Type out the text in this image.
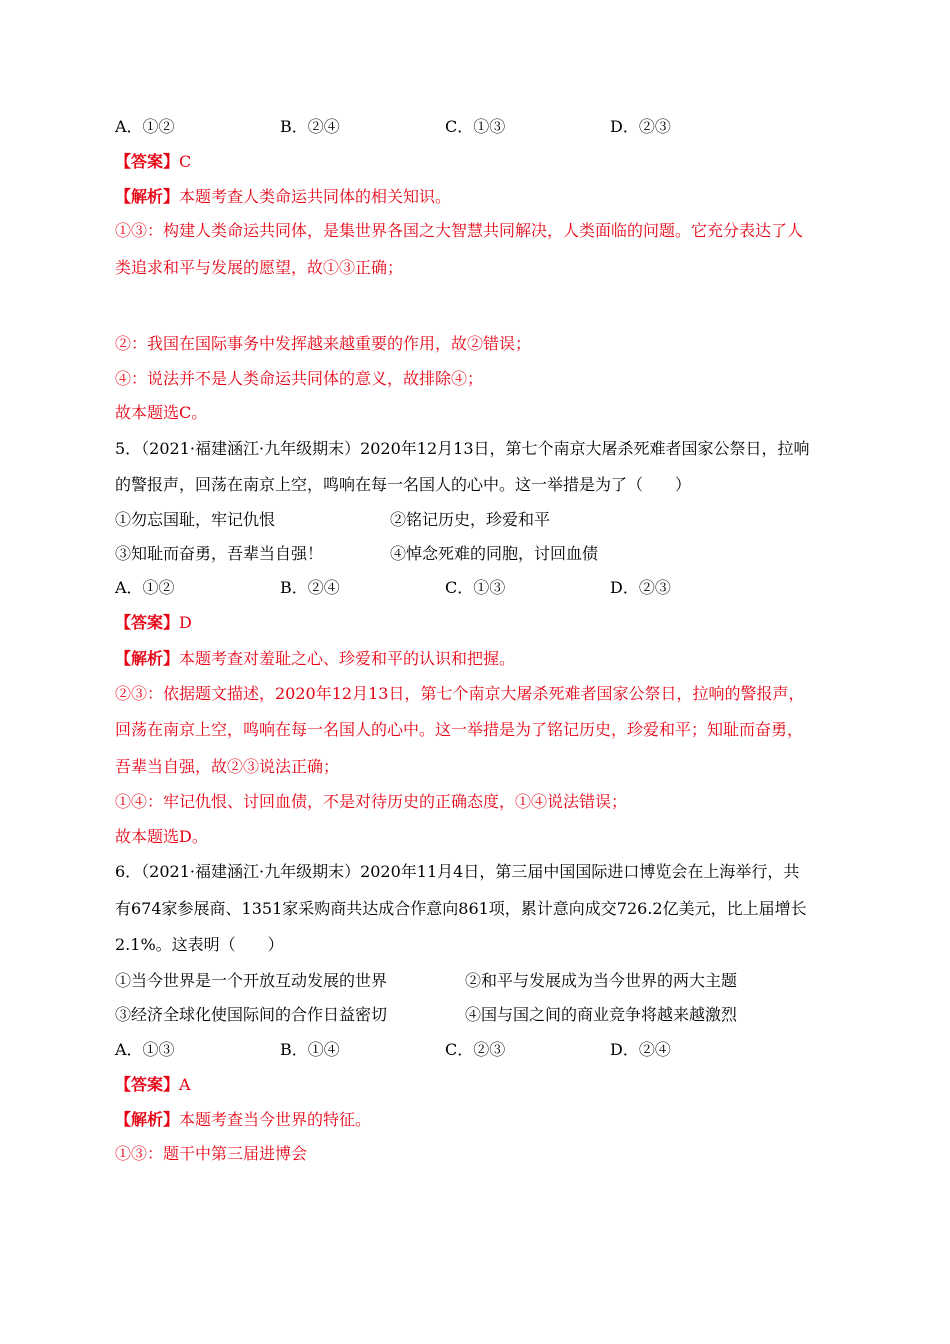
A．①②	B．②④	C．①③	D．②③
【答案】C
【解析】本题考查人类命运共同体的相关知识。
①③：构建人类命运共同体，是集世界各国之大智慧共同解决，人类面临的问题。它充分表达了人
类追求和平与发展的愿望，故①③正确；
②：我国在国际事务中发挥越来越重要的作用，故②错误；
④：说法并不是人类命运共同体的意义，故排除④；
故本题选C。
5．（2021·福建涵江·九年级期末）2020年12月13日，第七个南京大屠杀死难者国家公祭日，拉响
的警报声，回荡在南京上空，鸣响在每一名国人的心中。这一举措是为了（　　）
①勿忘国耻，牢记仇恨	②铭记历史，珍爱和平
③知耻而奋勇，吾辈当自强！	④悼念死难的同胞，讨回血债
A．①②	B．②④	C．①③	D．②③
【答案】D
【解析】本题考查对羞耻之心、珍爱和平的认识和把握。
②③：依据题文描述，2020年12月13日，第七个南京大屠杀死难者国家公祭日，拉响的警报声，
回荡在南京上空，鸣响在每一名国人的心中。这一举措是为了铭记历史，珍爱和平；知耻而奋勇，
吾辈当自强，故②③说法正确；
①④：牢记仇恨、讨回血债，不是对待历史的正确态度，①④说法错误；
故本题选D。
6．（2021·福建涵江·九年级期末）2020年11月4日，第三届中国国际进口博览会在上海举行，共
有674家参展商、1351家采购商共达成合作意向861项，累计意向成交726.2亿美元，比上届增长
2.1%。这表明（　　）
①当今世界是一个开放互动发展的世界	②和平与发展成为当今世界的两大主题
③经济全球化使国际间的合作日益密切	④国与国之间的商业竞争将越来越激烈
A．①③	B．①④	C．②③	D．②④
【答案】A
【解析】本题考查当今世界的特征。
①③：题干中第三届进博会
